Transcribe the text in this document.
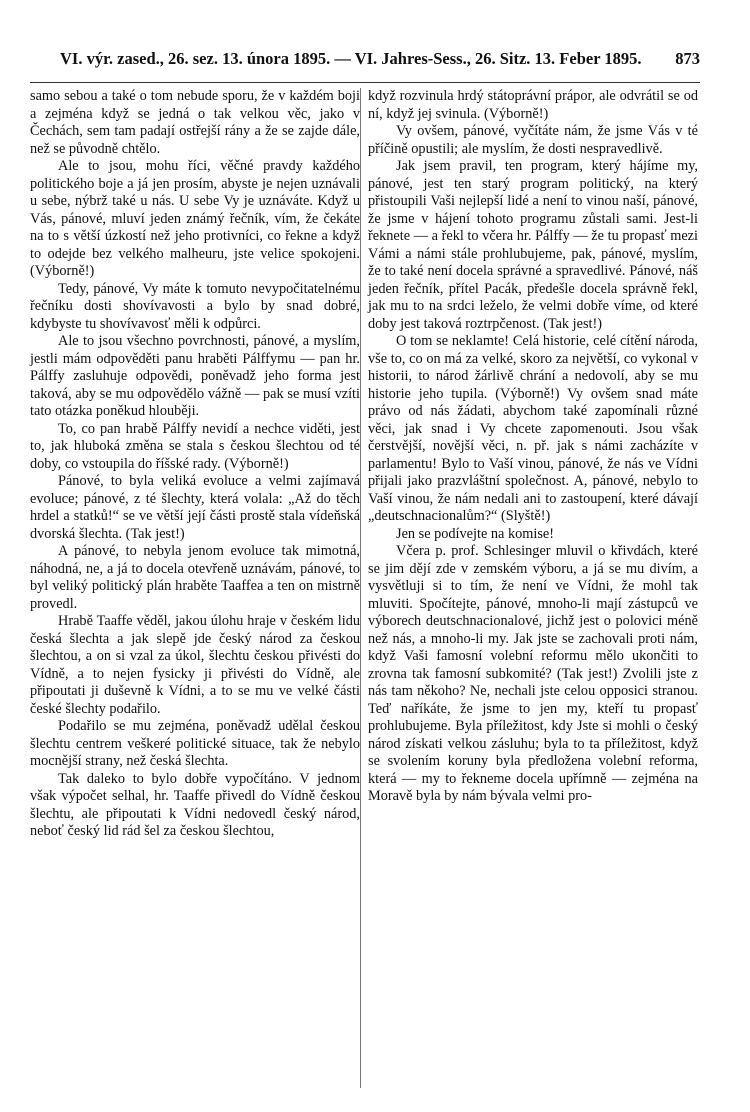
VI. výr. zased., 26. sez. 13. února 1895. — VI. Jahres-Sess., 26. Sitz. 13. Feber 1895. 873

samo sebou a také o tom nebude sporu, že v každém boji a zejména když se jedná o tak velkou věc, jako v Čechách, sem tam padají ostřejší rány a že se zajde dále, než se původně chtělo.

Ale to jsou, mohu říci, věčné pravdy každého politického boje a já jen prosím, abyste je nejen uznávali u sebe, nýbrž také u nás. U sebe Vy je uznáváte. Když u Vás, pánové, mluví jeden známý řečník, vím, že čekáte na to s větší úzkostí než jeho protivníci, co řekne a když to odejde bez velkého malheuru, jste velice spokojeni. (Výborně!)

Tedy, pánové, Vy máte k tomuto nevypočitatelnému řečníku dosti shovívavosti a bylo by snad dobré, kdybyste tu shovívavosť měli k odpůrci.

Ale to jsou všechno povrchnosti, pánové, a myslím, jestli mám odpověděti panu hraběti Pálffymu — pan hr. Pálffy zasluhuje odpovědi, poněvadž jeho forma jest taková, aby se mu odpovědělo vážně — pak se musí vzíti tato otázka poněkud hlouběji.

To, co pan hrabě Pálffy nevidí a nechce viděti, jest to, jak hluboká změna se stala s českou šlechtou od té doby, co vstoupila do říšské rady. (Výborně!)

Pánové, to byla veliká evoluce a velmi zajímavá evoluce; pánové, z té šlechty, která volala: „Až do těch hrdel a statků!“ se ve větší její části prostě stala vídeňská dvorská šlechta. (Tak jest!)

A pánové, to nebyla jenom evoluce tak mimotná, náhodná, ne, a já to docela otevřeně uznávám, pánové, to byl veliký politický plán hraběte Taaffea a ten on mistrně provedl.

Hrabě Taaffe věděl, jakou úlohu hraje v českém lidu česká šlechta a jak slepě jde český národ za českou šlechtou, a on si vzal za úkol, šlechtu českou přivésti do Vídně, a to nejen fysicky ji přivésti do Vídně, ale připoutati ji duševně k Vídni, a to se mu ve velké části české šlechty podařilo.

Podařilo se mu zejména, poněvadž udělal českou šlechtu centrem veškeré politické situace, tak že nebylo mocnější strany, než česká šlechta.

Tak daleko to bylo dobře vypočítáno. V jednom však výpočet selhal, hr. Taaffe přivedl do Vídně českou šlechtu, ale připoutati k Vídni nedovedl český národ, neboť český lid rád šel za českou šlechtou,

když rozvinula hrdý státoprávní prápor, ale odvrátil se od ní, když jej svinula. (Výborně!)

Vy ovšem, pánové, vyčítáte nám, že jsme Vás v té příčině opustili; ale myslím, že dosti nespravedlivě.

Jak jsem pravil, ten program, který hájíme my, pánové, jest ten starý program politický, na který přistoupili Vaši nejlepší lidé a není to vinou naší, pánové, že jsme v hájení tohoto programu zůstali sami. Jest-li řeknete — a řekl to včera hr. Pálffy — že tu propasť mezi Vámi a námi stále prohlubujeme, pak, pánové, myslím, že to také není docela správné a spravedlivé. Pánové, náš jeden řečník, přítel Pacák, předešle docela správně řekl, jak mu to na srdci leželo, že velmi dobře víme, od které doby jest taková roztrpčenost. (Tak jest!)

O tom se neklamte! Celá historie, celé cítění národa, vše to, co on má za velké, skoro za největší, co vykonal v historii, to národ žárlivě chrání a nedovolí, aby se mu historie jeho tupila. (Výborně!) Vy ovšem snad máte právo od nás žádati, abychom také zapomínali různé věci, jak snad i Vy chcete zapomenouti. Jsou však čerstvější, novější věci, n. př. jak s námi zacházíte v parlamentu! Bylo to Vaší vinou, pánové, že nás ve Vídni přijali jako prazvláštní společnost. A, pánové, nebylo to Vaší vinou, že nám nedali ani to zastoupení, které dávají „deutschnacionalům?“ (Slyště!)

Jen se podívejte na komise!

Včera p. prof. Schlesinger mluvil o křivdách, které se jim dějí zde v zemském výboru, a já se mu divím, a vysvětluji si to tím, že není ve Vídni, že mohl tak mluviti. Spočítejte, pánové, mnoho-li mají zástupců ve výborech deutschnacionalové, jichž jest o polovici méně než nás, a mnoho-li my. Jak jste se zachovali proti nám, když Vaši famosní volební reformu mělo ukončiti to zrovna tak famosní subkomité? (Tak jest!) Zvolili jste z nás tam někoho? Ne, nechali jste celou opposici stranou. Teď naříkáte, že jsme to jen my, kteří tu propasť prohlubujeme. Byla příležitost, kdy Jste si mohli o český národ získati velkou zásluhu; byla to ta příležitost, když se svolením koruny byla předložena volební reforma, která — my to řekneme docela upřímně — zejména na Moravě byla by nám bývala velmi pro-
